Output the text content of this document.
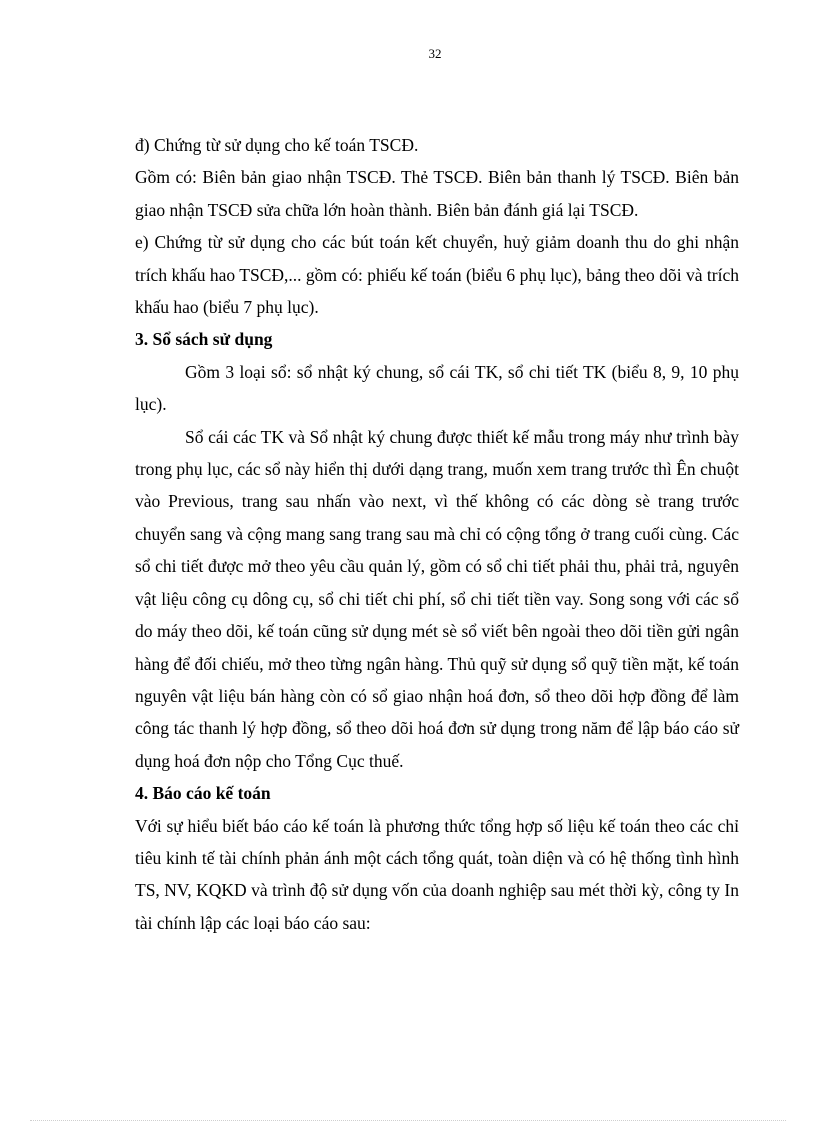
32

đ) Chứng từ sử dụng cho kế toán TSCĐ.

Gồm có: Biên bản giao nhận TSCĐ. Thẻ TSCĐ. Biên bản thanh lý TSCĐ. Biên bản giao nhận TSCĐ sửa chữa lớn hoàn thành. Biên bản đánh giá lại TSCĐ.

e) Chứng từ sử dụng cho các bút toán kết chuyển, huỷ giảm doanh thu do ghi nhận trích khấu hao TSCĐ,... gồm có: phiếu kế toán (biểu 6 phụ lục), bảng theo dõi và trích khấu hao (biểu 7 phụ lục).

3. Sổ sách sử dụng

Gồm 3 loại sổ: sổ nhật ký chung, sổ cái TK, sổ chi tiết TK (biểu 8, 9, 10 phụ lục).

Sổ cái các TK và Sổ nhật ký chung được thiết kế mẫu trong máy như trình bày trong phụ lục, các sổ này hiển thị dưới dạng trang, muốn xem trang trước thì Ên chuột vào Previous, trang sau nhấn vào next, vì thế không có các dòng sè trang trước chuyển sang và cộng mang sang trang sau mà chỉ có cộng tổng ở trang cuối cùng. Các sổ chi tiết được mở theo yêu cầu quản lý, gồm có sổ chi tiết phải thu, phải trả, nguyên vật liệu công cụ dông cụ, sổ chi tiết chi phí, sổ chi tiết tiền vay. Song song với các sổ do máy theo dõi, kế toán cũng sử dụng mét sè sổ viết bên ngoài theo dõi tiền gửi ngân hàng để đối chiếu, mở theo từng ngân hàng. Thủ quỹ sử dụng sổ quỹ tiền mặt, kế toán nguyên vật liệu bán hàng còn có sổ giao nhận hoá đơn, sổ theo dõi hợp đồng để làm công tác thanh lý hợp đồng, sổ theo dõi hoá đơn sử dụng trong năm để lập báo cáo sử dụng hoá đơn nộp cho Tổng Cục thuế.

4. Báo cáo kế toán

Với sự hiểu biết báo cáo kế toán là phương thức tổng hợp số liệu kế toán theo các chỉ tiêu kinh tế tài chính phản ánh một cách tổng quát, toàn diện và có hệ thống tình hình TS, NV, KQKD và trình độ sử dụng vốn của doanh nghiệp sau mét thời kỳ, công ty In tài chính lập các loại báo cáo sau:
